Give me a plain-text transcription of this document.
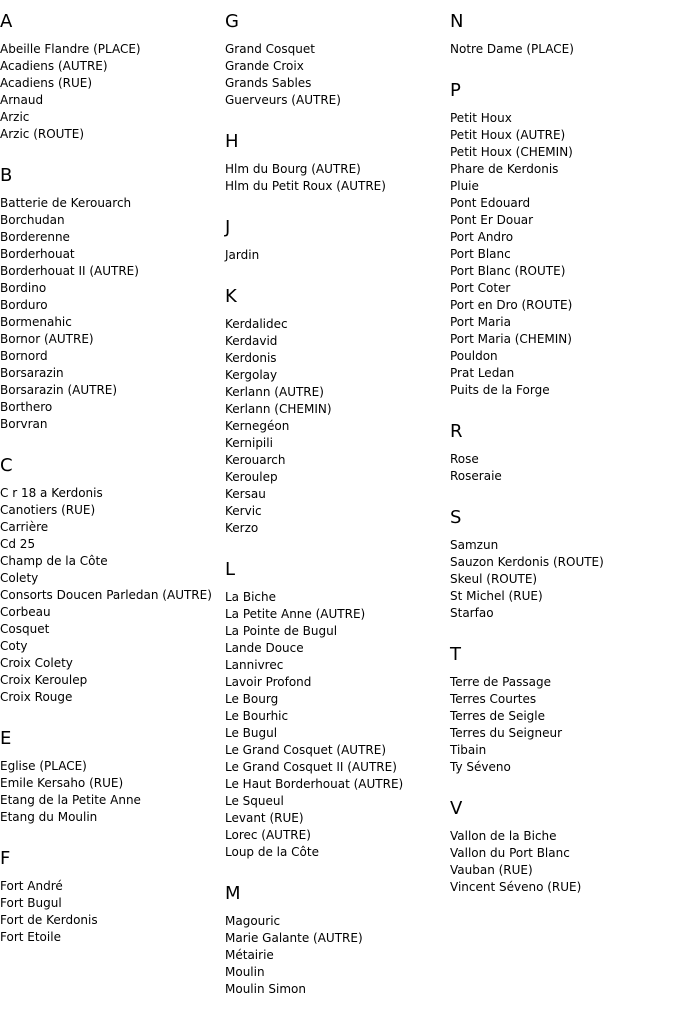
A
Abeille Flandre (PLACE)
Acadiens (AUTRE)
Acadiens (RUE)
Arnaud
Arzic
Arzic (ROUTE)
B
Batterie de Kerouarch
Borchudan
Borderenne
Borderhouat
Borderhouat II (AUTRE)
Bordino
Borduro
Bormenahic
Bornor (AUTRE)
Bornord
Borsarazin
Borsarazin (AUTRE)
Borthero
Borvran
C
C r 18 a Kerdonis
Canotiers (RUE)
Carrière
Cd 25
Champ de la Côte
Colety
Consorts Doucen Parledan (AUTRE)
Corbeau
Cosquet
Coty
Croix Colety
Croix Keroulep
Croix Rouge
E
Eglise (PLACE)
Emile Kersaho (RUE)
Etang de la Petite Anne
Etang du Moulin
F
Fort André
Fort Bugul
Fort de Kerdonis
Fort Etoile
G
Grand Cosquet
Grande Croix
Grands Sables
Guerveurs (AUTRE)
H
Hlm du Bourg (AUTRE)
Hlm du Petit Roux (AUTRE)
J
Jardin
K
Kerdalidec
Kerdavid
Kerdonis
Kergolay
Kerlann (AUTRE)
Kerlann (CHEMIN)
Kernegéon
Kernipili
Kerouarch
Keroulep
Kersau
Kervic
Kerzo
L
La Biche
La Petite Anne (AUTRE)
La Pointe de Bugul
Lande Douce
Lannivrec
Lavoir Profond
Le Bourg
Le Bourhic
Le Bugul
Le Grand Cosquet (AUTRE)
Le Grand Cosquet II (AUTRE)
Le Haut Borderhouat (AUTRE)
Le Squeul
Levant (RUE)
Lorec (AUTRE)
Loup de la Côte
M
Magouric
Marie Galante (AUTRE)
Métairie
Moulin
Moulin Simon
N
Notre Dame (PLACE)
P
Petit Houx
Petit Houx (AUTRE)
Petit Houx (CHEMIN)
Phare de Kerdonis
Pluie
Pont Edouard
Pont Er Douar
Port Andro
Port Blanc
Port Blanc (ROUTE)
Port Coter
Port en Dro (ROUTE)
Port Maria
Port Maria (CHEMIN)
Pouldon
Prat Ledan
Puits de la Forge
R
Rose
Roseraie
S
Samzun
Sauzon Kerdonis (ROUTE)
Skeul (ROUTE)
St Michel (RUE)
Starfao
T
Terre de Passage
Terres Courtes
Terres de Seigle
Terres du Seigneur
Tibain
Ty Séveno
V
Vallon de la Biche
Vallon du Port Blanc
Vauban (RUE)
Vincent Séveno (RUE)
